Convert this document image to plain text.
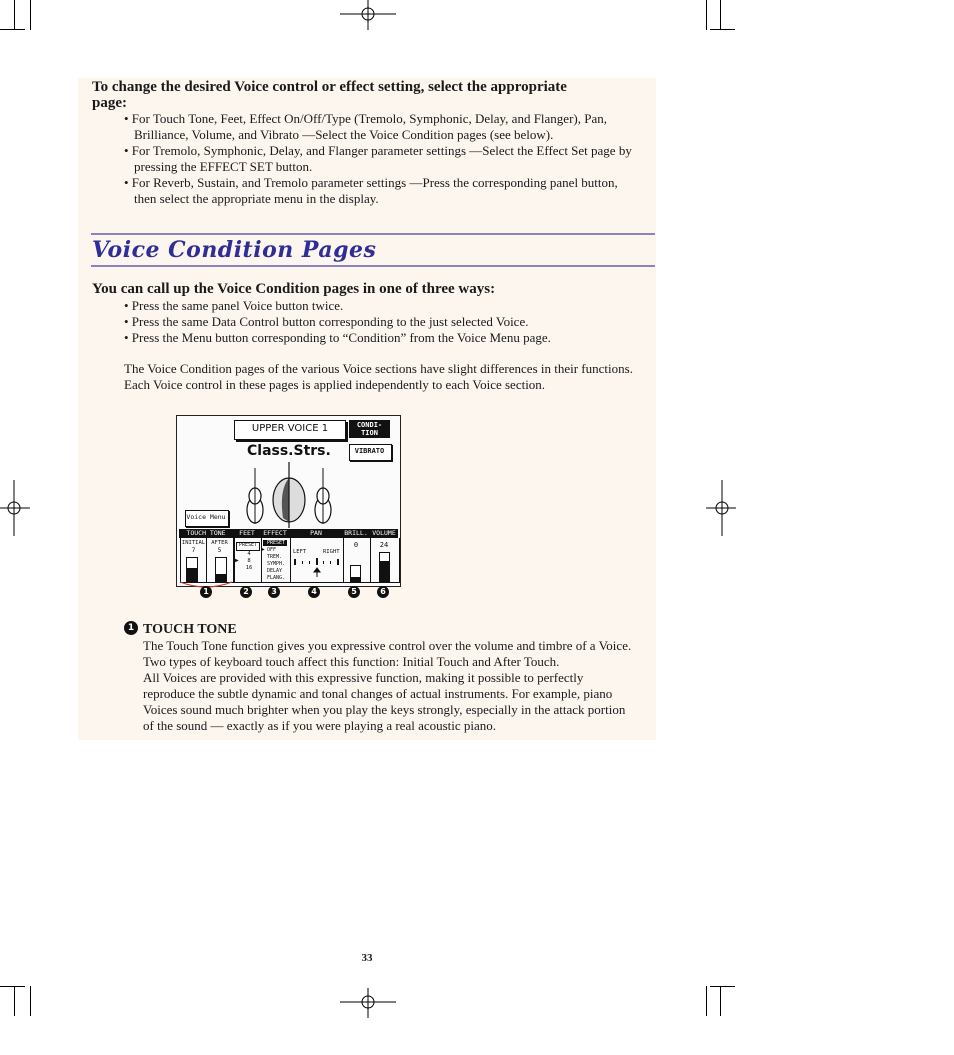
To change the desired Voice control or effect setting, select the appropriate
page:
• For Touch Tone, Feet, Effect On/Off/Type (Tremolo, Symphonic, Delay, and Flanger), Pan,
Brilliance, Volume, and Vibrato —Select the Voice Condition pages (see below).
• For Tremolo, Symphonic, Delay, and Flanger parameter settings —Select the Effect Set page by
pressing the EFFECT SET button.
• For Reverb, Sustain, and Tremolo parameter settings —Press the corresponding panel button,
then select the appropriate menu in the display.
Voice Condition Pages
You can call up the Voice Condition pages in one of three ways:
• Press the same panel Voice button twice.
• Press the same Data Control button corresponding to the just selected Voice.
• Press the Menu button corresponding to “Condition” from the Voice Menu page.
The Voice Condition pages of the various Voice sections have slight differences in their functions.
Each Voice control in these pages is applied independently to each Voice section.
UPPER VOICE 1	CONDI-
TION
VIBRATO
Class.Strs.
Voice Menu
TOUCH TONE	FEET	EFFECT	PAN	BRILL. VOLUME
INITIAL
7
AFTER
5
PRESET
4
8
16
▶
PRESET
▶ OFF
TREM.
SYMPH.
DELAY
FLANG.
LEFT	RIGHT
0	24
1	2	3	4	5	6
1 TOUCH TONE
The Touch Tone function gives you expressive control over the volume and timbre of a Voice.
Two types of keyboard touch affect this function: Initial Touch and After Touch.
All Voices are provided with this expressive function, making it possible to perfectly
reproduce the subtle dynamic and tonal changes of actual instruments. For example, piano
Voices sound much brighter when you play the keys strongly, especially in the attack portion
of the sound — exactly as if you were playing a real acoustic piano.
33
